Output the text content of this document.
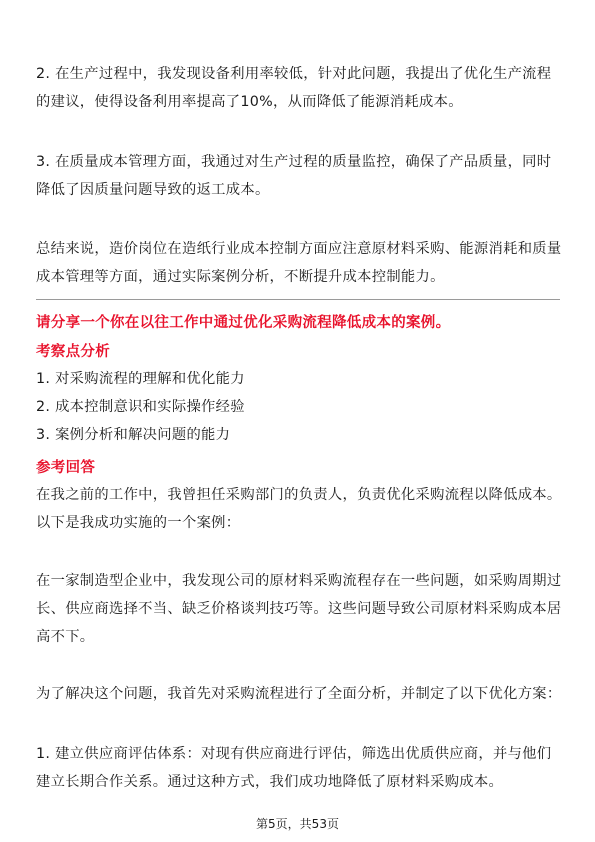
2. 在生产过程中，我发现设备利用率较低，针对此问题，我提出了优化生产流程的建议，使得设备利用率提高了10%，从而降低了能源消耗成本。

3. 在质量成本管理方面，我通过对生产过程的质量监控，确保了产品质量，同时降低了因质量问题导致的返工成本。

总结来说，造价岗位在造纸行业成本控制方面应注意原材料采购、能源消耗和质量成本管理等方面，通过实际案例分析，不断提升成本控制能力。

请分享一个你在以往工作中通过优化采购流程降低成本的案例。
考察点分析
1. 对采购流程的理解和优化能力
2. 成本控制意识和实际操作经验
3. 案例分析和解决问题的能力
参考回答

在我之前的工作中，我曾担任采购部门的负责人，负责优化采购流程以降低成本。以下是我成功实施的一个案例：

在一家制造型企业中，我发现公司的原材料采购流程存在一些问题，如采购周期过长、供应商选择不当、缺乏价格谈判技巧等。这些问题导致公司原材料采购成本居高不下。

为了解决这个问题，我首先对采购流程进行了全面分析，并制定了以下优化方案：

1. 建立供应商评估体系：对现有供应商进行评估，筛选出优质供应商，并与他们建立长期合作关系。通过这种方式，我们成功地降低了原材料采购成本。

第5页，共53页
